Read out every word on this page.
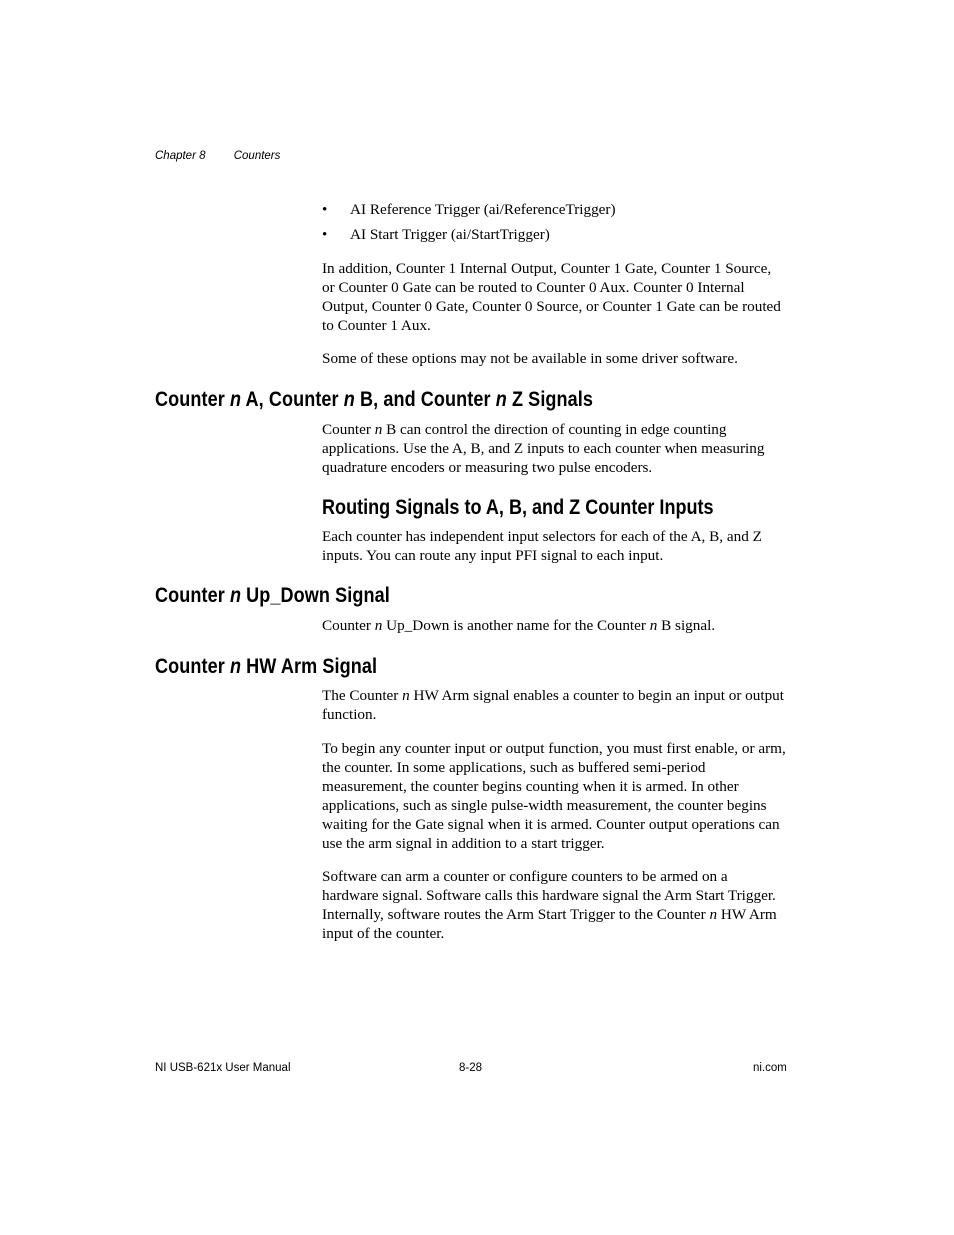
Chapter 8 Counters
• AI Reference Trigger (ai/ReferenceTrigger)
• AI Start Trigger (ai/StartTrigger)

In addition, Counter 1 Internal Output, Counter 1 Gate, Counter 1 Source, or Counter 0 Gate can be routed to Counter 0 Aux. Counter 0 Internal Output, Counter 0 Gate, Counter 0 Source, or Counter 1 Gate can be routed to Counter 1 Aux.

Some of these options may not be available in some driver software.

Counter n A, Counter n B, and Counter n Z Signals

Counter n B can control the direction of counting in edge counting applications. Use the A, B, and Z inputs to each counter when measuring quadrature encoders or measuring two pulse encoders.

Routing Signals to A, B, and Z Counter Inputs

Each counter has independent input selectors for each of the A, B, and Z inputs. You can route any input PFI signal to each input.

Counter n Up_Down Signal

Counter n Up_Down is another name for the Counter n B signal.

Counter n HW Arm Signal

The Counter n HW Arm signal enables a counter to begin an input or output function.

To begin any counter input or output function, you must first enable, or arm, the counter. In some applications, such as buffered semi-period measurement, the counter begins counting when it is armed. In other applications, such as single pulse-width measurement, the counter begins waiting for the Gate signal when it is armed. Counter output operations can use the arm signal in addition to a start trigger.

Software can arm a counter or configure counters to be armed on a hardware signal. Software calls this hardware signal the Arm Start Trigger. Internally, software routes the Arm Start Trigger to the Counter n HW Arm input of the counter.

NI USB-621x User Manual	8-28	ni.com
